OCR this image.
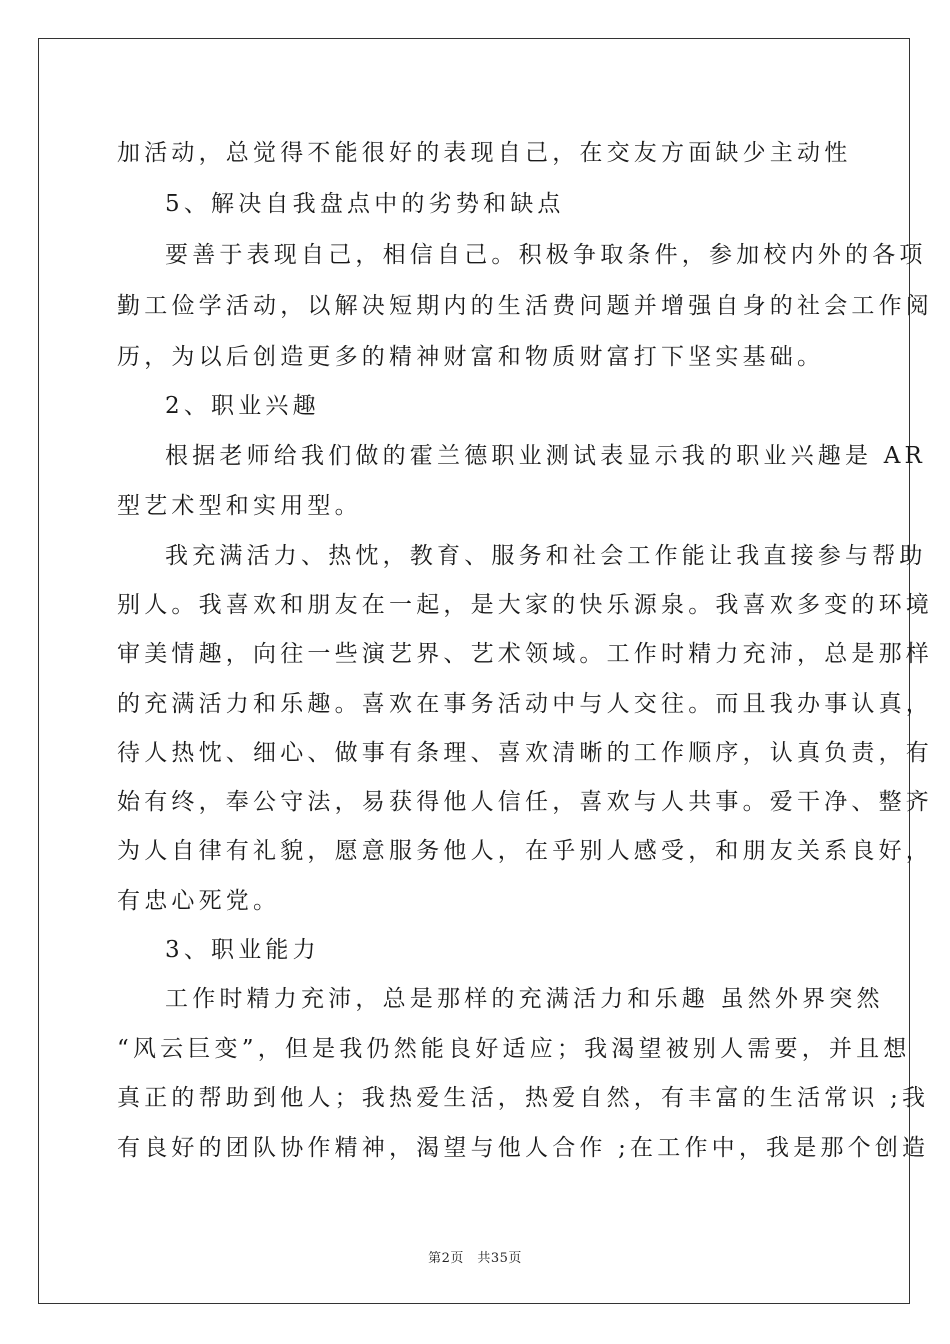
加活动，总觉得不能很好的表现自己，在交友方面缺少主动性
5、解决自我盘点中的劣势和缺点
要善于表现自己，相信自己。积极争取条件，参加校内外的各项
勤工俭学活动，以解决短期内的生活费问题并增强自身的社会工作阅
历，为以后创造更多的精神财富和物质财富打下坚实基础。
2、职业兴趣
根据老师给我们做的霍兰德职业测试表显示我的职业兴趣是 AR
型艺术型和实用型。
我充满活力、热忱，教育、服务和社会工作能让我直接参与帮助
别人。我喜欢和朋友在一起，是大家的快乐源泉。我喜欢多变的环境
审美情趣，向往一些演艺界、艺术领域。工作时精力充沛，总是那样
的充满活力和乐趣。喜欢在事务活动中与人交往。而且我办事认真，
待人热忱、细心、做事有条理、喜欢清晰的工作顺序，认真负责，有
始有终，奉公守法，易获得他人信任，喜欢与人共事。爱干净、整齐
为人自律有礼貌，愿意服务他人，在乎别人感受，和朋友关系良好，
有忠心死党。
3、职业能力
工作时精力充沛，总是那样的充满活力和乐趣 虽然外界突然
“风云巨变”，但是我仍然能良好适应；我渴望被别人需要，并且想
真正的帮助到他人；我热爱生活，热爱自然，有丰富的生活常识 ;我
有良好的团队协作精神，渴望与他人合作 ;在工作中，我是那个创造
第2页　共35页
